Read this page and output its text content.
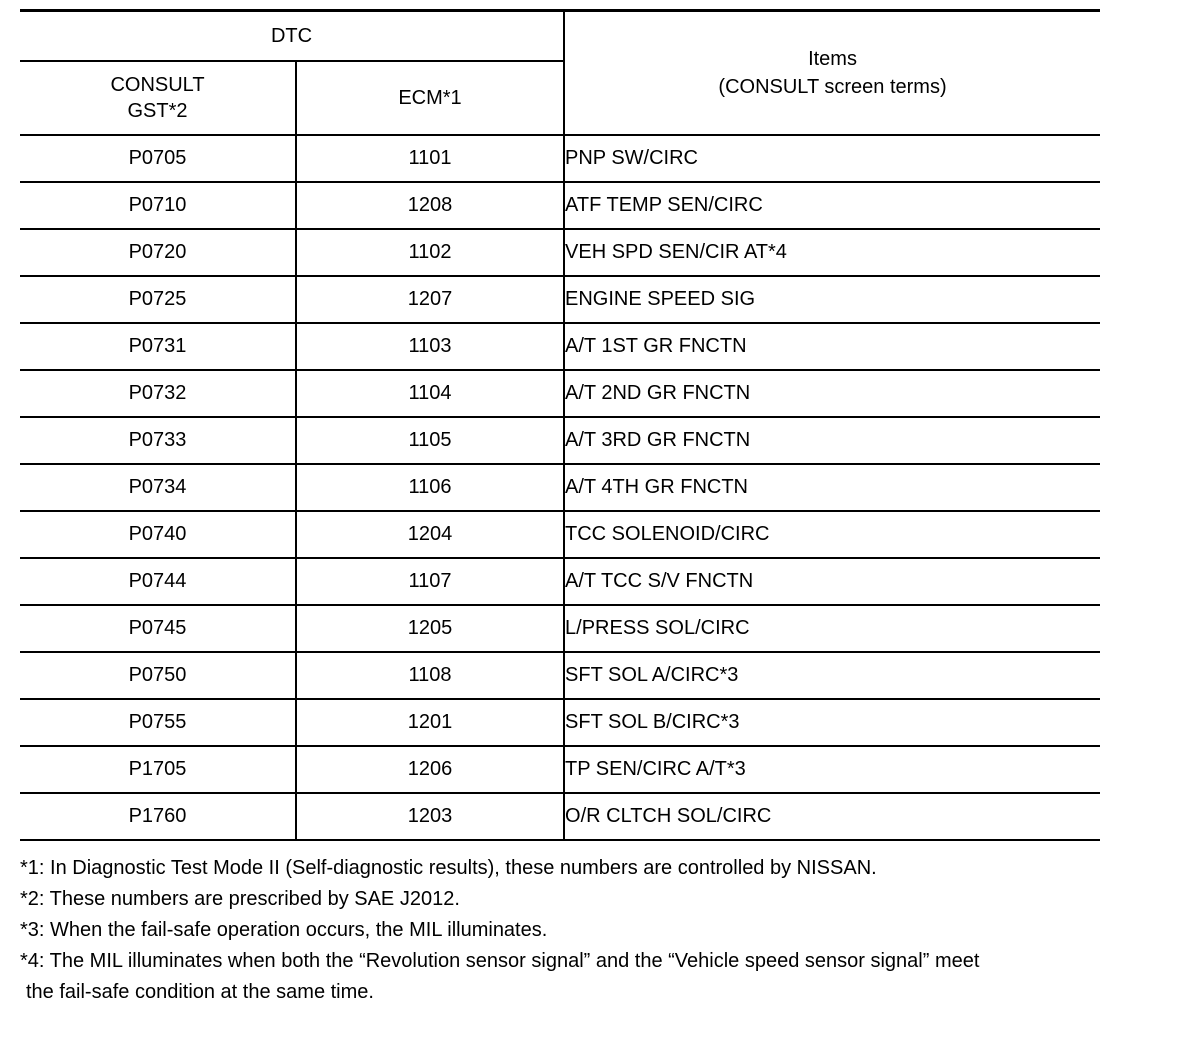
DTC		Items
(CONSULT screen terms)

CONSULT
GST*2	ECM*1	
P0705	1101	PNP SW/CIRC
P0710	1208	ATF TEMP SEN/CIRC
P0720	1102	VEH SPD SEN/CIR AT*4
P0725	1207	ENGINE SPEED SIG
P0731	1103	A/T 1ST GR FNCTN
P0732	1104	A/T 2ND GR FNCTN
P0733	1105	A/T 3RD GR FNCTN
P0734	1106	A/T 4TH GR FNCTN
P0740	1204	TCC SOLENOID/CIRC
P0744	1107	A/T TCC S/V FNCTN
P0745	1205	L/PRESS SOL/CIRC
P0750	1108	SFT SOL A/CIRC*3
P0755	1201	SFT SOL B/CIRC*3
P1705	1206	TP SEN/CIRC A/T*3
P1760	1203	O/R CLTCH SOL/CIRC
*1: In Diagnostic Test Mode II (Self-diagnostic results), these numbers are controlled by NISSAN.
*2: These numbers are prescribed by SAE J2012.
*3: When the fail-safe operation occurs, the MIL illuminates.
*4: The MIL illuminates when both the “Revolution sensor signal” and the “Vehicle speed sensor signal” meet
the fail-safe condition at the same time.
